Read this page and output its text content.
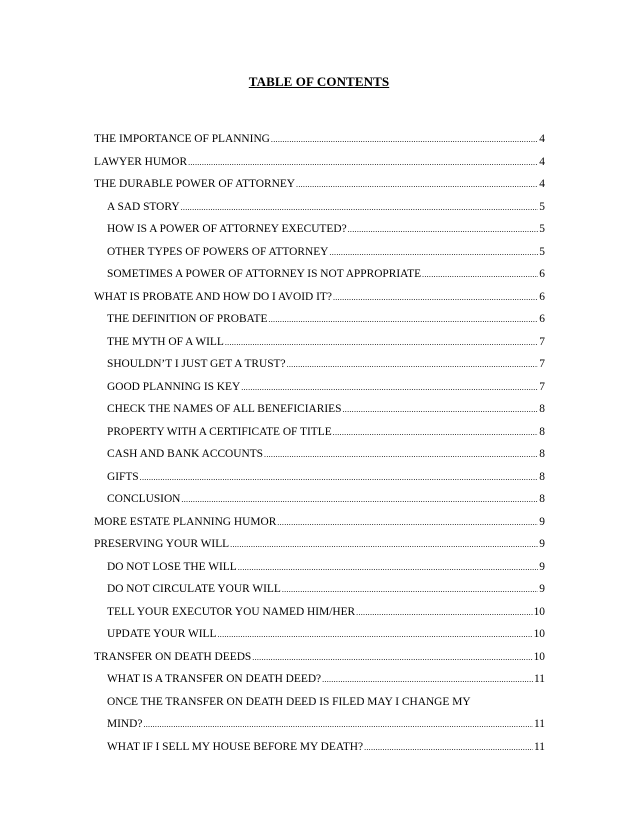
TABLE OF CONTENTS
THE IMPORTANCE OF PLANNING .....	4
LAWYER HUMOR .....	4
THE DURABLE POWER OF ATTORNEY .....	4
A SAD STORY .....	5
HOW IS A POWER OF ATTORNEY EXECUTED? .....	5
OTHER TYPES OF POWERS OF ATTORNEY .....	5
SOMETIMES A POWER OF ATTORNEY IS NOT APPROPRIATE .....	6
WHAT IS PROBATE AND HOW DO I AVOID IT? .....	6
THE DEFINITION OF PROBATE .....	6
THE MYTH OF A WILL .....	7
SHOULDN’T I JUST GET A TRUST? .....	7
GOOD PLANNING IS KEY .....	7
CHECK THE NAMES OF ALL BENEFICIARIES .....	8
PROPERTY WITH A CERTIFICATE OF TITLE .....	8
CASH AND BANK ACCOUNTS .....	8
GIFTS .....	8
CONCLUSION .....	8
MORE ESTATE PLANNING HUMOR .....	9
PRESERVING YOUR WILL .....	9
DO NOT LOSE THE WILL .....	9
DO NOT CIRCULATE YOUR WILL .....	9
TELL YOUR EXECUTOR YOU NAMED HIM/HER .....	10
UPDATE YOUR WILL .....	10
TRANSFER ON DEATH DEEDS .....	10
WHAT IS A TRANSFER ON DEATH DEED? .....	11
ONCE THE TRANSFER ON DEATH DEED IS FILED MAY I CHANGE MY
MIND? .....	11
WHAT IF I SELL MY HOUSE BEFORE MY DEATH? .....	11
